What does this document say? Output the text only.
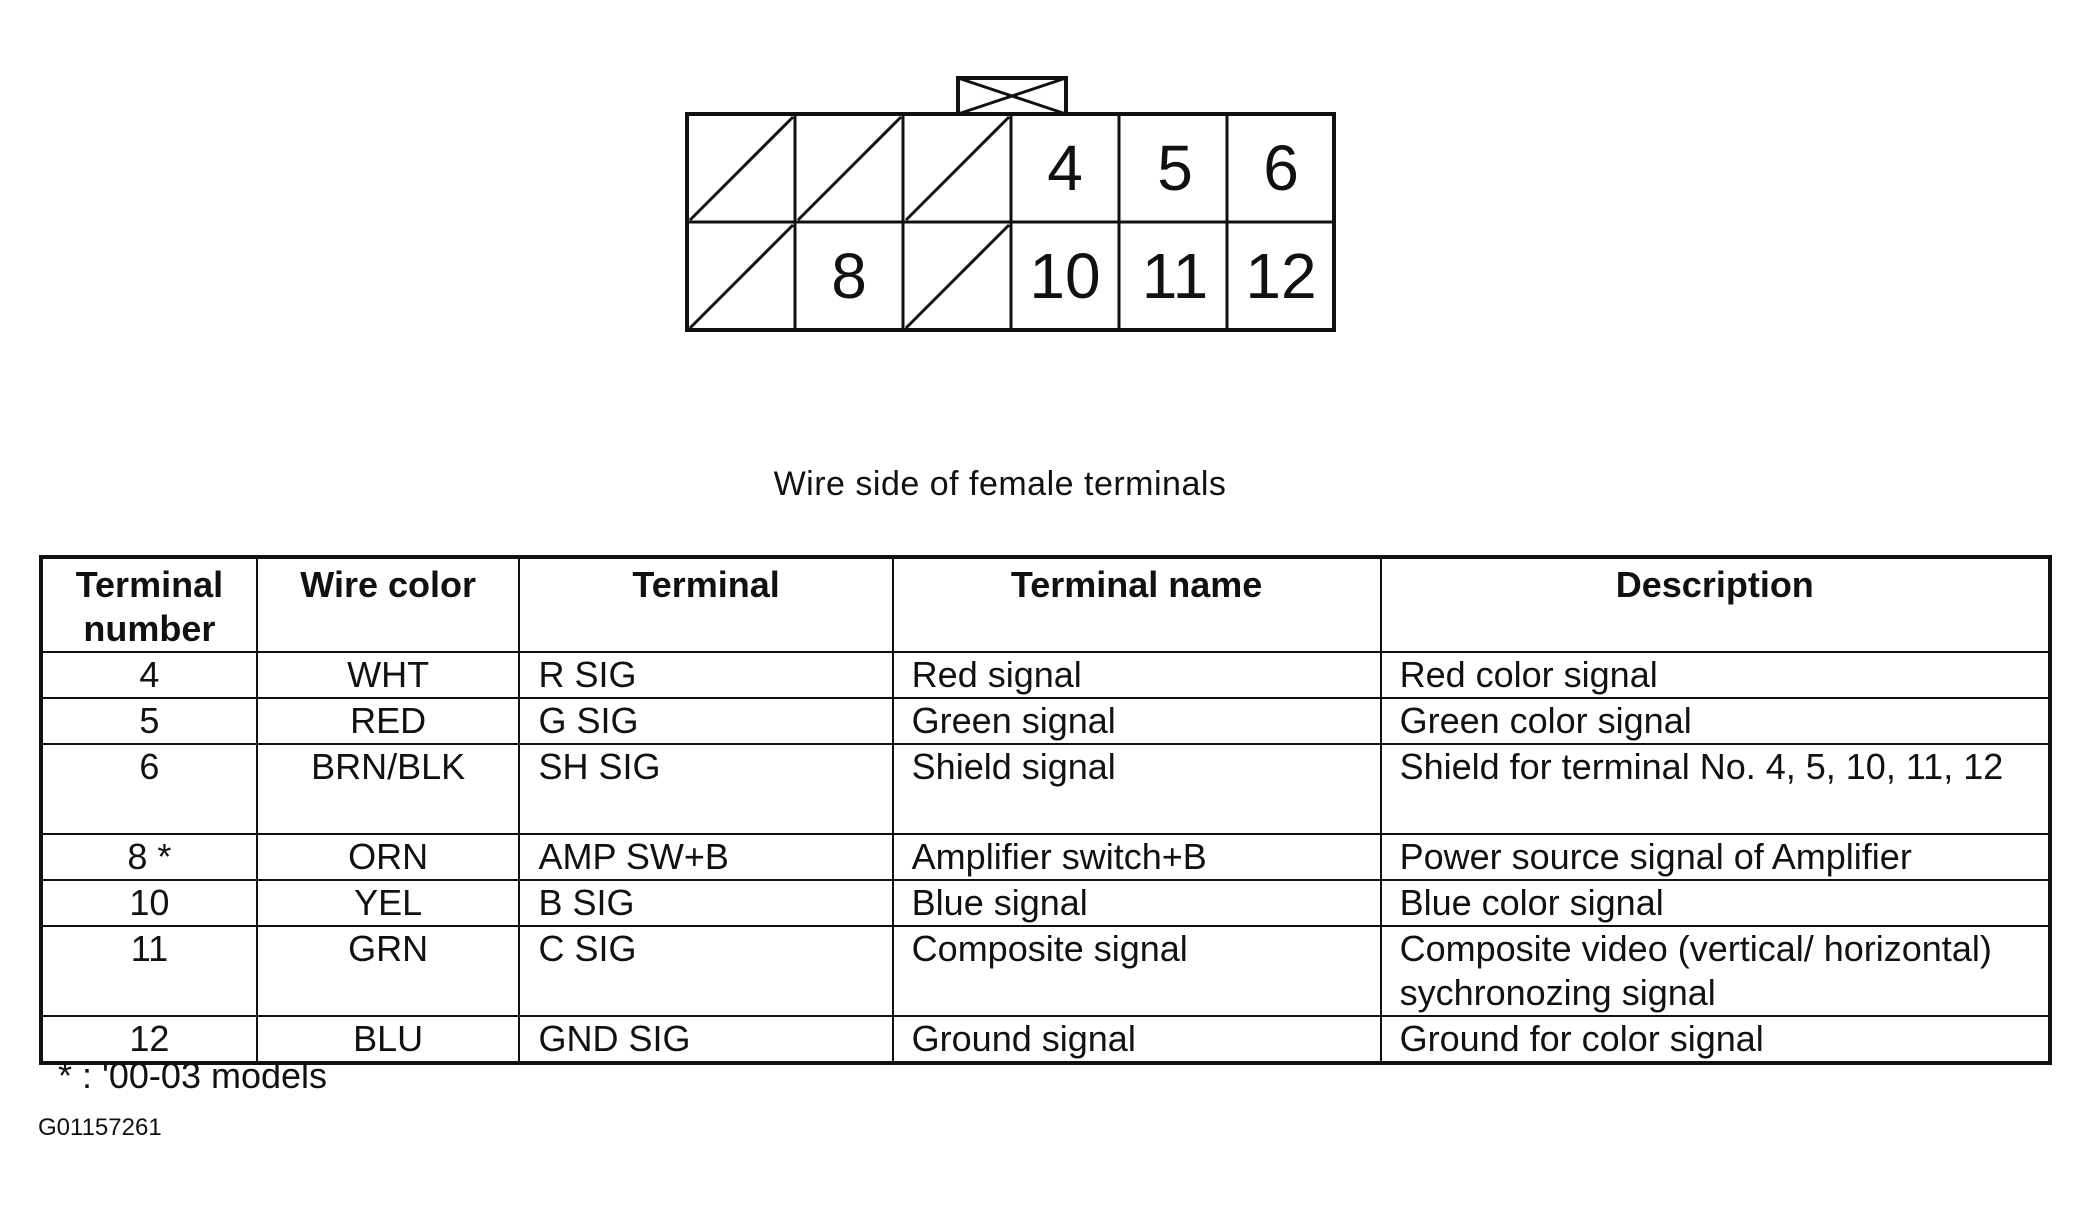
4 5 6
8	10 11 12
Wire side of female terminals
Terminal number	Wire color	Terminal	Terminal name	Description
4	WHT	R SIG	Red signal	Red color signal
5	RED	G SIG	Green signal	Green color signal
6	BRN/BLK	SH SIG	Shield signal	Shield for terminal No. 4, 5, 10, 11, 12
8 *	ORN	AMP SW+B	Amplifier switch+B	Power source signal of Amplifier
10	YEL	B SIG	Blue signal	Blue color signal
11	GRN	C SIG	Composite signal	Composite video (vertical/ horizontal) sychronozing signal
12	BLU	GND SIG	Ground signal	Ground for color signal
* : '00-03 models
G01157261
